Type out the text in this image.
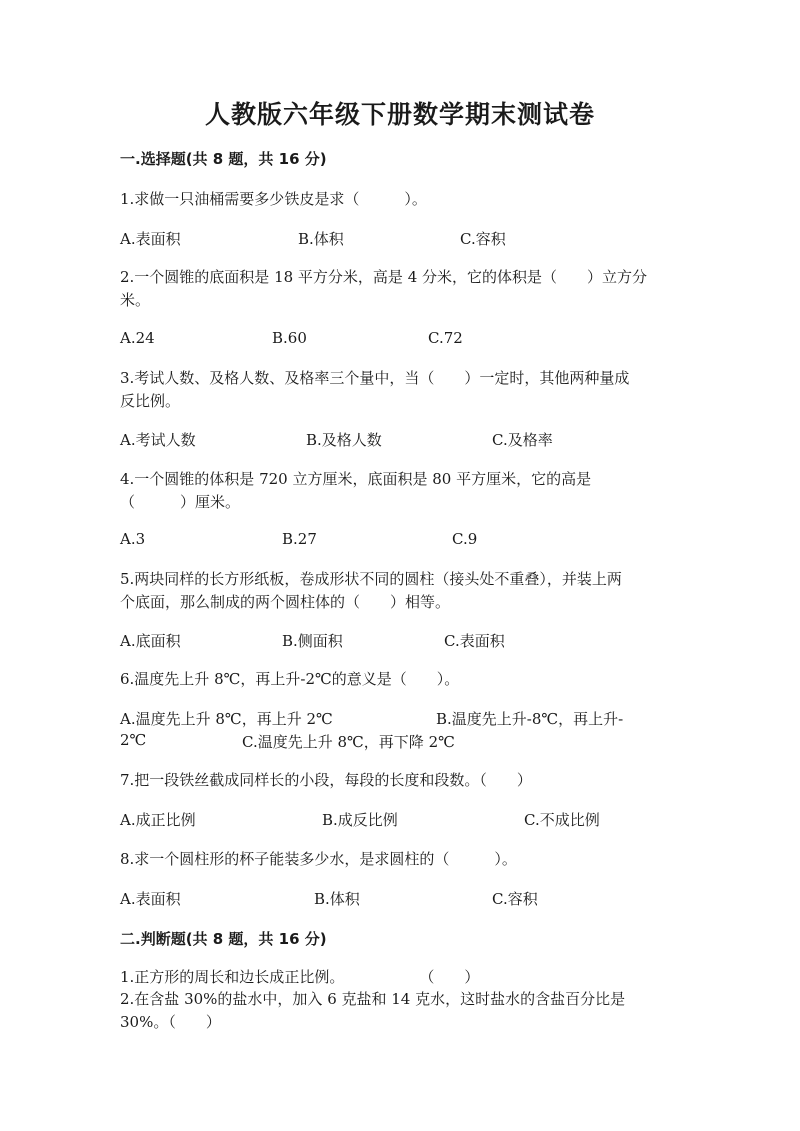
人教版六年级下册数学期末测试卷
一.选择题(共 8 题，共 16 分)
1.求做一只油桶需要多少铁皮是求（　　　）。
A.表面积	B.体积	C.容积
2.一个圆锥的底面积是 18 平方分米，高是 4 分米，它的体积是（　　）立方分
米。
A.24	B.60	C.72
3.考试人数、及格人数、及格率三个量中，当（　　）一定时，其他两种量成
反比例。
A.考试人数	B.及格人数	C.及格率
4.一个圆锥的体积是 720 立方厘米，底面积是 80 平方厘米，它的高是
（　　　）厘米。
A.3	B.27	C.9
5.两块同样的长方形纸板，卷成形状不同的圆柱（接头处不重叠），并装上两
个底面，那么制成的两个圆柱体的（　　）相等。
A.底面积	B.侧面积	C.表面积
6.温度先上升 8℃，再上升-2℃的意义是（　　）。
A.温度先上升 8℃，再上升 2℃	B.温度先上升-8℃，再上升-
2℃	C.温度先上升 8℃，再下降 2℃
7.把一段铁丝截成同样长的小段，每段的长度和段数。（　　）
A.成正比例	B.成反比例	C.不成比例
8.求一个圆柱形的杯子能装多少水，是求圆柱的（　　　）。
A.表面积	B.体积	C.容积
二.判断题(共 8 题，共 16 分)
1.正方形的周长和边长成正比例。　　　　　　（　　）
2.在含盐 30%的盐水中，加入 6 克盐和 14 克水，这时盐水的含盐百分比是
30%。（　　）
